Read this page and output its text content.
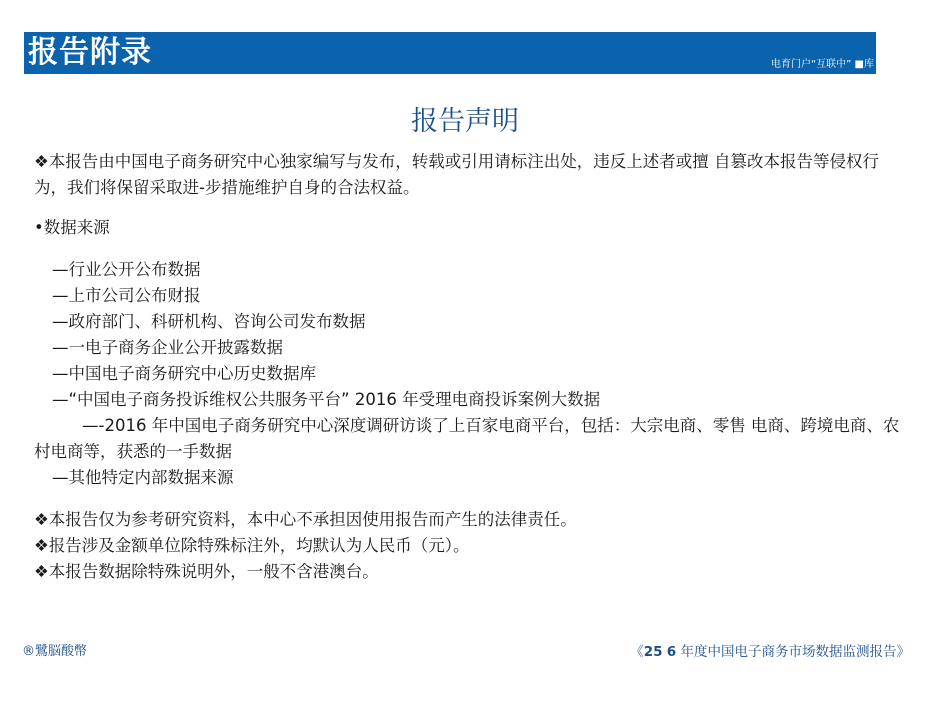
报告附录	电育门户“互联中” ■库
报告声明

❖本报告由中国电子商务研究中心独家编写与发布，转载或引用请标注出处，违反上述者或擅 自篡改本报告等侵权行为，我们将保留采取进-步措施维护自身的合法权益。

•数据来源

—行业公开公布数据

—上市公司公布财报

—政府部门、科研机构、咨询公司发布数据

—一电子商务企业公开披露数据

—中国电子商务研究中心历史数据库

—“中国电子商务投诉维权公共服务平台” 2016 年受理电商投诉案例大数据

—-2016 年中国电子商务研究中心深度调研访谈了上百家电商平台，包括：大宗电商、零售 电商、跨境电商、农村电商等，获悉的一手数据

—其他特定内部数据来源

❖本报告仅为参考研究资料，本中心不承担因使用报告而产生的法律责任。

❖报告涉及金额单位除特殊标注外，均默认为人民币（元）。

❖本报告数据除特殊说明外，一般不含港澳台。

®鷺脳酸幣	《25 6 年度中国电子商务市场数据监测报告》
